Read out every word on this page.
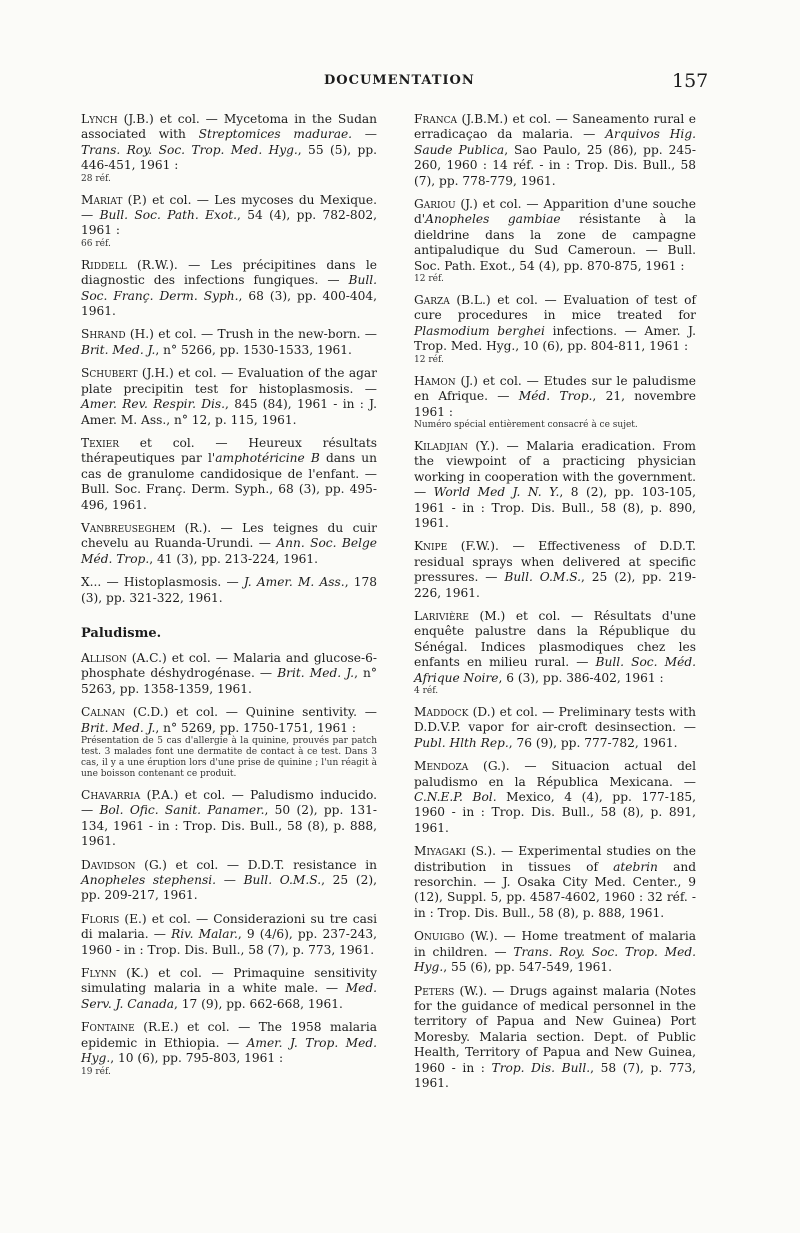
DOCUMENTATION	157

Lynch (J.B.) et col. — Mycetoma in the Sudan associated with Streptomices madurae. — Trans. Roy. Soc. Trop. Med. Hyg., 55 (5), pp. 446-451, 1961 :
28 réf.

Mariat (P.) et col. — Les mycoses du Mexique. — Bull. Soc. Path. Exot., 54 (4), pp. 782-802, 1961 :
66 réf.

Riddell (R.W.). — Les précipitines dans le diagnostic des infections fungiques. — Bull. Soc. Franç. Derm. Syph., 68 (3), pp. 400-404, 1961.

Shrand (H.) et col. — Trush in the new-born. — Brit. Med. J., n° 5266, pp. 1530-1533, 1961.

Schubert (J.H.) et col. — Evaluation of the agar plate precipitin test for histoplasmosis. — Amer. Rev. Respir. Dis., 845 (84), 1961 - in : J. Amer. M. Ass., n° 12, p. 115, 1961.

Texier et col. — Heureux résultats thérapeutiques par l'amphotéricine B dans un cas de granulome candidosique de l'enfant. — Bull. Soc. Franç. Derm. Syph., 68 (3), pp. 495-496, 1961.

Vanbreuseghem (R.). — Les teignes du cuir chevelu au Ruanda-Urundi. — Ann. Soc. Belge Méd. Trop., 41 (3), pp. 213-224, 1961.

X... — Histoplasmosis. — J. Amer. M. Ass., 178 (3), pp. 321-322, 1961.

Paludisme.

Allison (A.C.) et col. — Malaria and glucose-6-phosphate déshydrogénase. — Brit. Med. J., n° 5263, pp. 1358-1359, 1961.

Calnan (C.D.) et col. — Quinine sentivity. — Brit. Med. J., n° 5269, pp. 1750-1751, 1961 :
Présentation de 5 cas d'allergie à la quinine, prouvés par patch test. 3 malades font une dermatite de contact à ce test. Dans 3 cas, il y a une éruption lors d'une prise de quinine ; l'un réagit à une boisson contenant ce produit.

Chavarria (P.A.) et col. — Paludismo inducido. — Bol. Ofic. Sanit. Panamer., 50 (2), pp. 131-134, 1961 - in : Trop. Dis. Bull., 58 (8), p. 888, 1961.

Davidson (G.) et col. — D.D.T. resistance in Anopheles stephensi. — Bull. O.M.S., 25 (2), pp. 209-217, 1961.

Floris (E.) et col. — Considerazioni su tre casi di malaria. — Riv. Malar., 9 (4/6), pp. 237-243, 1960 - in : Trop. Dis. Bull., 58 (7), p. 773, 1961.

Flynn (K.) et col. — Primaquine sensitivity simulating malaria in a white male. — Med. Serv. J. Canada, 17 (9), pp. 662-668, 1961.

Fontaine (R.E.) et col. — The 1958 malaria epidemic in Ethiopia. — Amer. J. Trop. Med. Hyg., 10 (6), pp. 795-803, 1961 :
19 réf.

Franca (J.B.M.) et col. — Saneamento rural e erradicaçao da malaria. — Arquivos Hig. Saude Publica, Sao Paulo, 25 (86), pp. 245-260, 1960 : 14 réf. - in : Trop. Dis. Bull., 58 (7), pp. 778-779, 1961.

Gariou (J.) et col. — Apparition d'une souche d'Anopheles gambiae résistante à la dieldrine dans la zone de campagne antipaludique du Sud Cameroun. — Bull. Soc. Path. Exot., 54 (4), pp. 870-875, 1961 :
12 réf.

Garza (B.L.) et col. — Evaluation of test of cure procedures in mice treated for Plasmodium berghei infections. — Amer. J. Trop. Med. Hyg., 10 (6), pp. 804-811, 1961 :
12 réf.

Hamon (J.) et col. — Etudes sur le paludisme en Afrique. — Méd. Trop., 21, novembre 1961 :
Numéro spécial entièrement consacré à ce sujet.

Kiladjian (Y.). — Malaria eradication. From the viewpoint of a practicing physician working in cooperation with the government. — World Med J. N. Y., 8 (2), pp. 103-105, 1961 - in : Trop. Dis. Bull., 58 (8), p. 890, 1961.

Knipe (F.W.). — Effectiveness of D.D.T. residual sprays when delivered at specific pressures. — Bull. O.M.S., 25 (2), pp. 219-226, 1961.

Larivière (M.) et col. — Résultats d'une enquête palustre dans la République du Sénégal. Indices plasmodiques chez les enfants en milieu rural. — Bull. Soc. Méd. Afrique Noire, 6 (3), pp. 386-402, 1961 :
4 réf.

Maddock (D.) et col. — Preliminary tests with D.D.V.P. vapor for air-croft desinsection. — Publ. Hlth Rep., 76 (9), pp. 777-782, 1961.

Mendoza (G.). — Situacion actual del paludismo en la Républica Mexicana. — C.N.E.P. Bol. Mexico, 4 (4), pp. 177-185, 1960 - in : Trop. Dis. Bull., 58 (8), p. 891, 1961.

Miyagaki (S.). — Experimental studies on the distribution in tissues of atebrin and resorchin. — J. Osaka City Med. Center., 9 (12), Suppl. 5, pp. 4587-4602, 1960 : 32 réf. - in : Trop. Dis. Bull., 58 (8), p. 888, 1961.

Onuigbo (W.). — Home treatment of malaria in children. — Trans. Roy. Soc. Trop. Med. Hyg., 55 (6), pp. 547-549, 1961.

Peters (W.). — Drugs against malaria (Notes for the guidance of medical personnel in the territory of Papua and New Guinea) Port Moresby. Malaria section. Dept. of Public Health, Territory of Papua and New Guinea, 1960 - in : Trop. Dis. Bull., 58 (7), p. 773, 1961.
